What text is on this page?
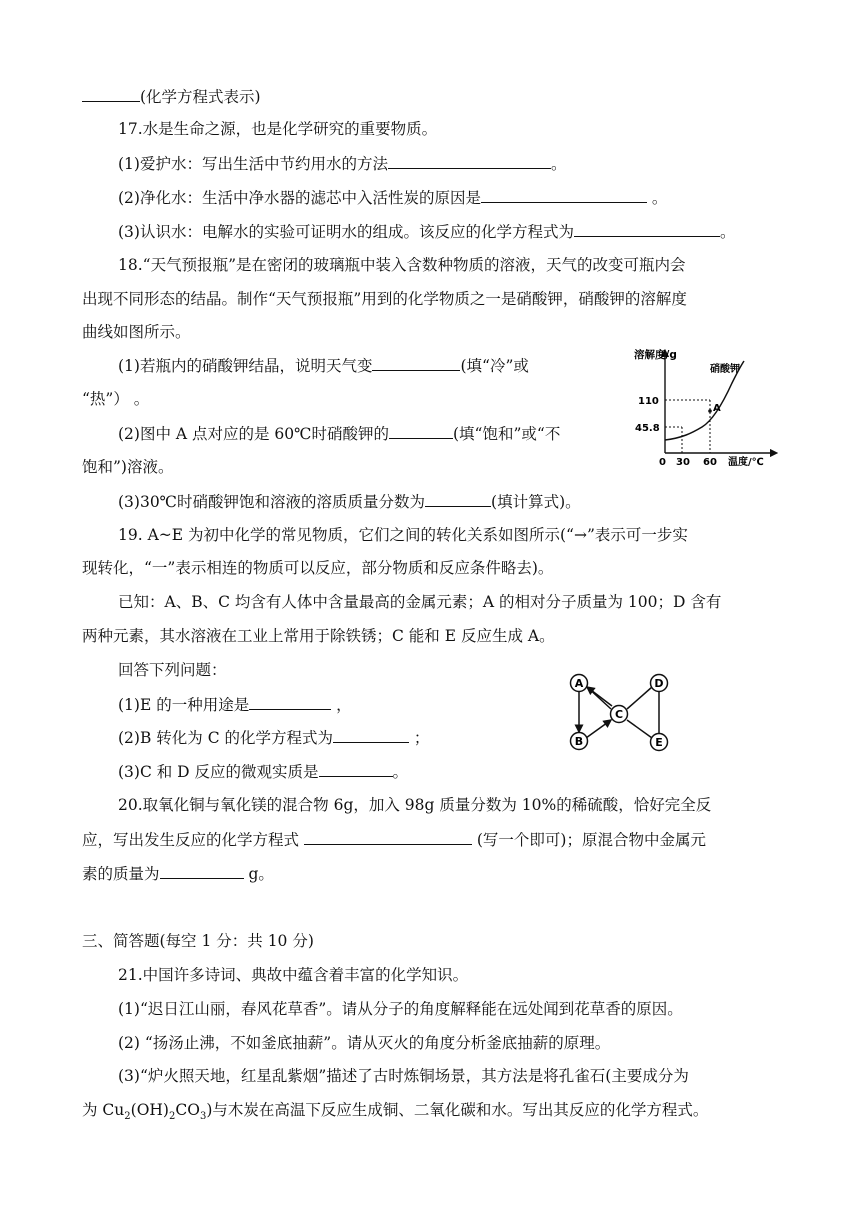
(化学方程式表示)
17.水是生命之源，也是化学研究的重要物质。
(1)爱护水：写出生活中节约用水的方法	。
(2)净化水：生活中净水器的滤芯中入活性炭的原因是	。
(3)认识水：电解水的实验可证明水的组成。该反应的化学方程式为	。
18.“天气预报瓶”是在密闭的玻璃瓶中装入含数种物质的溶液，天气的改变可瓶内会
出现不同形态的结晶。制作“天气预报瓶”用到的化学物质之一是硝酸钾，硝酸钾的溶解度
曲线如图所示。
(1)若瓶内的硝酸钾结晶，说明天气变	(填“冷”或
“热”） 。
(2)图中 A 点对应的是 60℃时硝酸钾的	(填“饱和”或“不
饱和”)溶液。
(3)30℃时硝酸钾饱和溶液的溶质质量分数为	(填计算式)。
19. A~E 为初中化学的常见物质，它们之间的转化关系如图所示(“→”表示可一步实
现转化，“一”表示相连的物质可以反应，部分物质和反应条件略去)。
已知：A、B、C 均含有人体中含量最高的金属元素；A 的相对分子质量为 100；D 含有
两种元素，其水溶液在工业上常用于除铁锈；C 能和 E 反应生成 A。
回答下列问题：
(1)E 的一种用途是	，
(2)B 转化为 C 的化学方程式为	；
(3)C 和 D 反应的微观实质是	。
20.取氧化铜与氧化镁的混合物 6g，加入 98g 质量分数为 10%的稀硫酸，恰好完全反
应，写出发生反应的化学方程式	(写一个即可)；原混合物中金属元
素的质量为	g。
三、简答题(每空 1 分：共 10 分)
21.中国许多诗词、典故中蕴含着丰富的化学知识。
(1)“迟日江山丽，春风花草香”。请从分子的角度解释能在远处闻到花草香的原因。
(2) “扬汤止沸，不如釜底抽薪”。请从灭火的角度分析釜底抽薪的原理。
(3)“炉火照天地，红星乱紫烟”描述了古时炼铜场景，其方法是将孔雀石(主要成分为
为 $Cu_2(OH)_2CO_3$)与木炭在高温下反应生成铜、二氧化碳和水。写出其反应的化学方程式。
溶解度/g
硝酸钾
A
110
45.8
0 30 60 温度/℃
A
B
C
D
E
